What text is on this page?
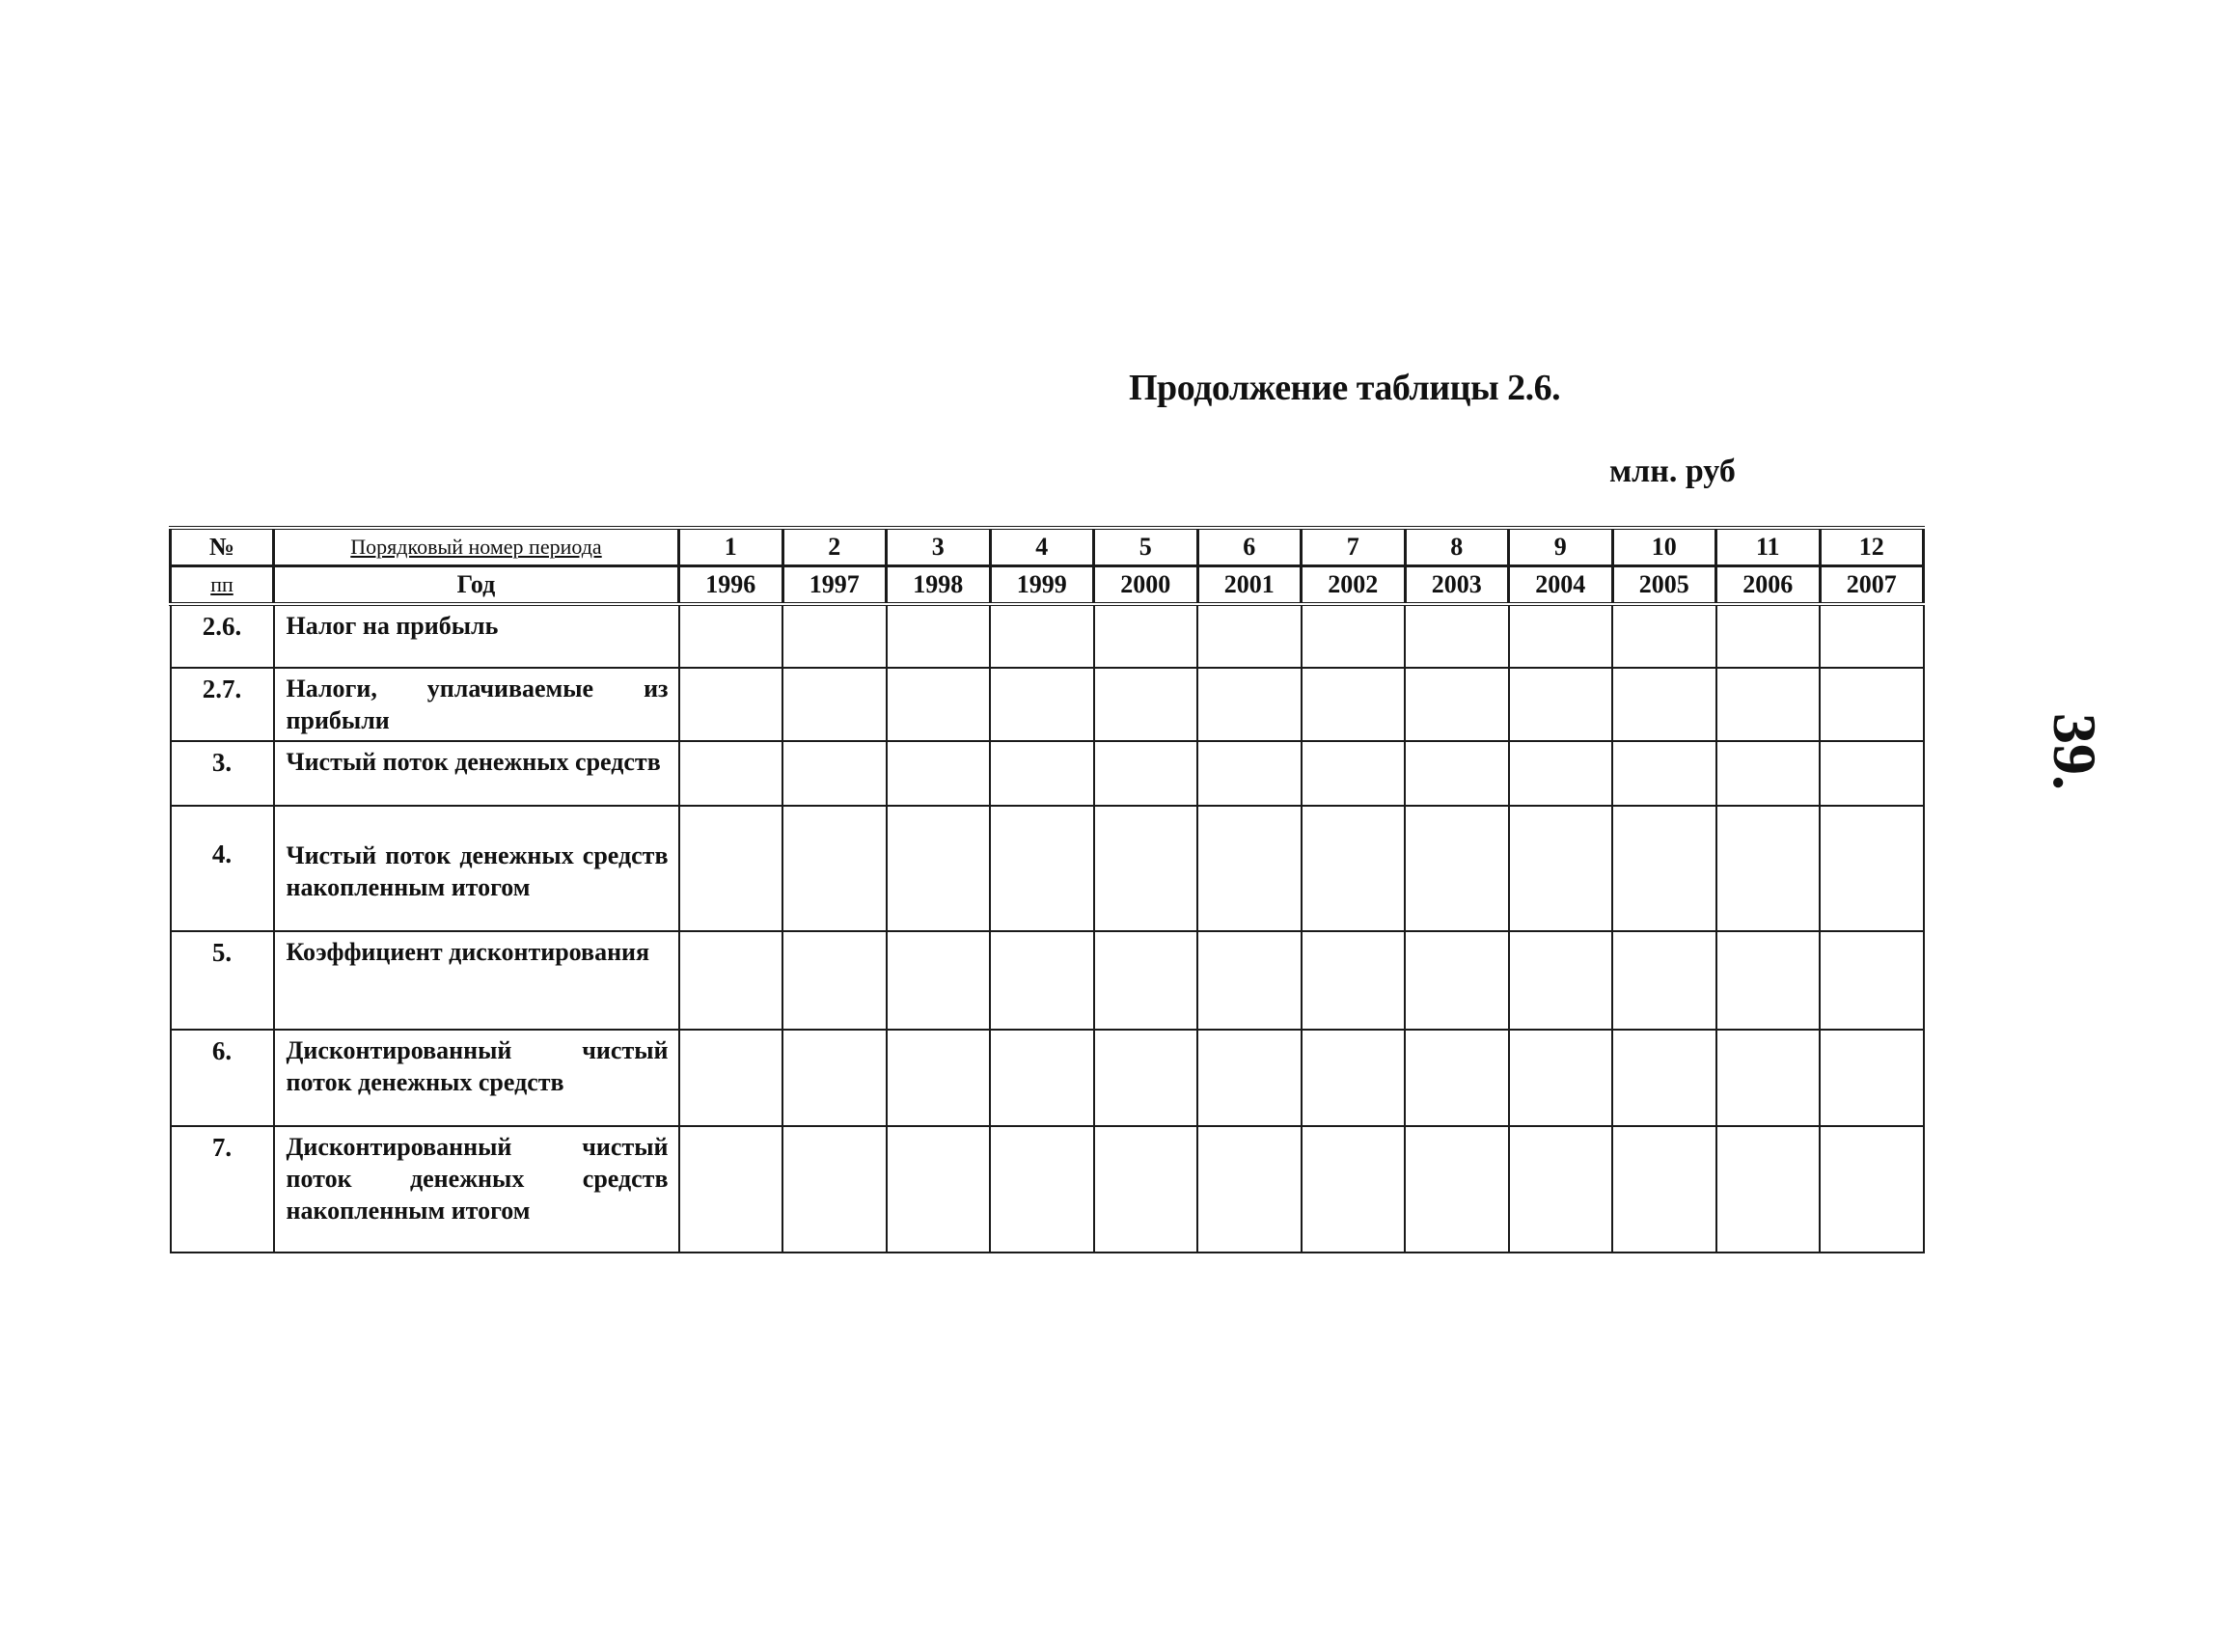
Продолжение таблицы 2.6.
млн. руб
39.
№	Порядковый номер периода	1	2	3	4	5	6	7	8	9	10	11	12
пп	Год	1996	1997	1998	1999	2000	2001	2002	2003	2004	2005	2006	2007
2.6.	Налог на прибыль												
2.7.	Налоги, уплачиваемые из прибыли												
3.	Чистый поток денежных средств												
4.	Чистый поток денежных средств накопленным итогом												
5.	Коэффициент дисконтирования												
6.	Дисконтированный чистый поток денежных средств												
7.	Дисконтированный чистый поток денежных средств накопленным итогом												
